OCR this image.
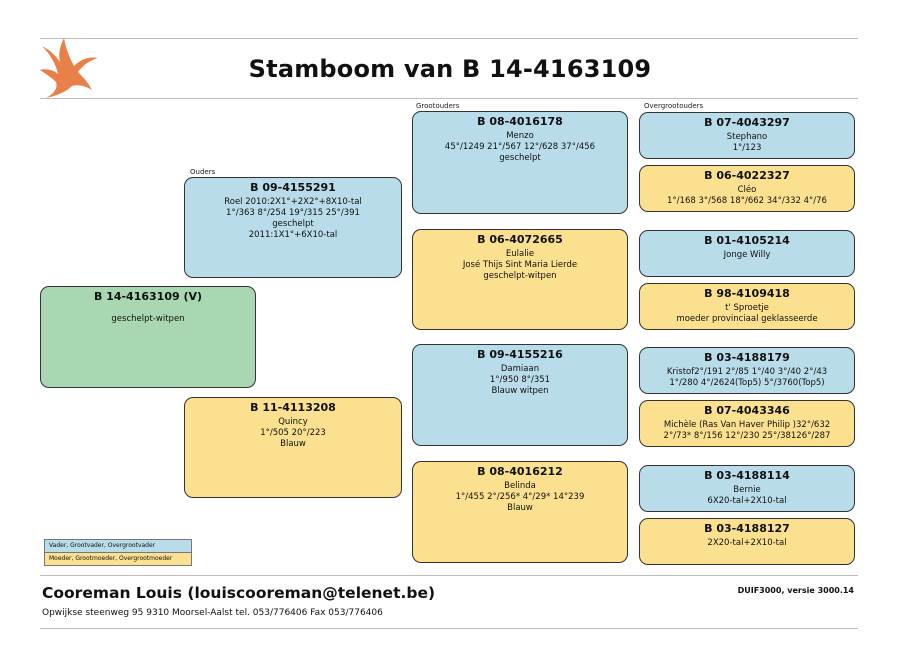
Stamboom van B 14-4163109
Ouders
Grootouders	Overgrootouders
B 14-4163109 (V)
geschelpt-witpen
B 09-4155291
Roel 2010:2X1°+2X2°+8X10-tal
1°/363 8°/254 19°/315 25°/391
geschelpt
2011:1X1°+6X10-tal
B 11-4113208
Quincy
1°/505 20°/223
Blauw
B 08-4016178
Menzo
45°/1249 21°/567 12°/628 37°/456
geschelpt
B 06-4072665
Eulalie
José Thijs Sint Maria Lierde
geschelpt-witpen
B 09-4155216
Damiaan
1°/950 8°/351
Blauw witpen
B 08-4016212
Belinda
1°/455 2°/256* 4°/29* 14°239
Blauw
B 07-4043297
Stephano
1°/123
B 06-4022327
Cléo
1°/168 3°/568 18°/662 34°/332 4°/76
B 01-4105214
Jonge Willy
B 98-4109418
t' Sproetje
moeder provinciaal geklasseerde
B 03-4188179
Kristof2°/191 2°/85 1°/40 3°/40 2°/43
1°/280 4°/2624(Top5) 5°/3760(Top5)
B 07-4043346
Michèle (Ras Van Haver Philip )32°/632
2°/73* 8°/156 12°/230 25°/38126°/287
B 03-4188114
Bernie
6X20-tal+2X10-tal
B 03-4188127
2X20-tal+2X10-tal
Vader, Grootvader, Overgrootvader
Moeder, Grootmoeder, Overgrootmoeder
Cooreman Louis (louiscooreman@telenet.be)
Opwijkse steenweg 95 9310 Moorsel-Aalst tel. 053/776406 Fax 053/776406
DUIF3000, versie 3000.14
